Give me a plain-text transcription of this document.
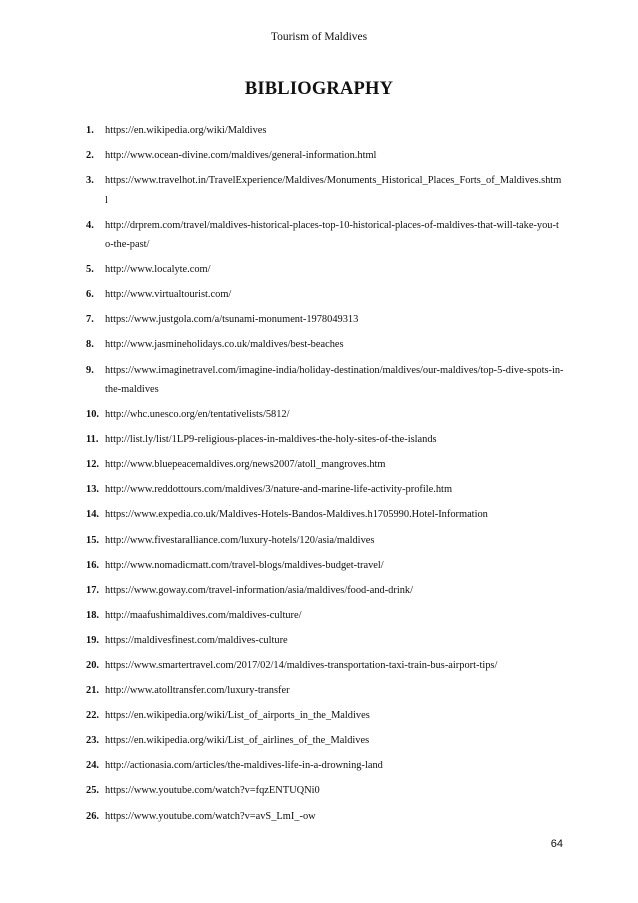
Tourism of Maldives
BIBLIOGRAPHY
1.	https://en.wikipedia.org/wiki/Maldives
2.	http://www.ocean-divine.com/maldives/general-information.html
3.	https://www.travelhot.in/TravelExperience/Maldives/Monuments_Historical_Places_Forts_of_Maldives.shtml
4.	http://drprem.com/travel/maldives-historical-places-top-10-historical-places-of-maldives-that-will-take-you-to-the-past/
5.	http://www.localyte.com/
6.	http://www.virtualtourist.com/
7.	https://www.justgola.com/a/tsunami-monument-1978049313
8.	http://www.jasmineholidays.co.uk/maldives/best-beaches
9.	https://www.imaginetravel.com/imagine-india/holiday-destination/maldives/our-maldives/top-5-dive-spots-in-the-maldives
10. http://whc.unesco.org/en/tentativelists/5812/
11. http://list.ly/list/1LP9-religious-places-in-maldives-the-holy-sites-of-the-islands
12. http://www.bluepeacemaldives.org/news2007/atoll_mangroves.htm
13. http://www.reddottours.com/maldives/3/nature-and-marine-life-activity-profile.htm
14. https://www.expedia.co.uk/Maldives-Hotels-Bandos-Maldives.h1705990.Hotel-Information
15. http://www.fivestaralliance.com/luxury-hotels/120/asia/maldives
16. http://www.nomadicmatt.com/travel-blogs/maldives-budget-travel/
17. https://www.goway.com/travel-information/asia/maldives/food-and-drink/
18. http://maafushimaldives.com/maldives-culture/
19. https://maldivesfinest.com/maldives-culture
20. https://www.smartertravel.com/2017/02/14/maldives-transportation-taxi-train-bus-airport-tips/
21. http://www.atolltransfer.com/luxury-transfer
22. https://en.wikipedia.org/wiki/List_of_airports_in_the_Maldives
23. https://en.wikipedia.org/wiki/List_of_airlines_of_the_Maldives
24. http://actionasia.com/articles/the-maldives-life-in-a-drowning-land
25. https://www.youtube.com/watch?v=fqzENTUQNi0
26. https://www.youtube.com/watch?v=avS_LmI_-ow
64
